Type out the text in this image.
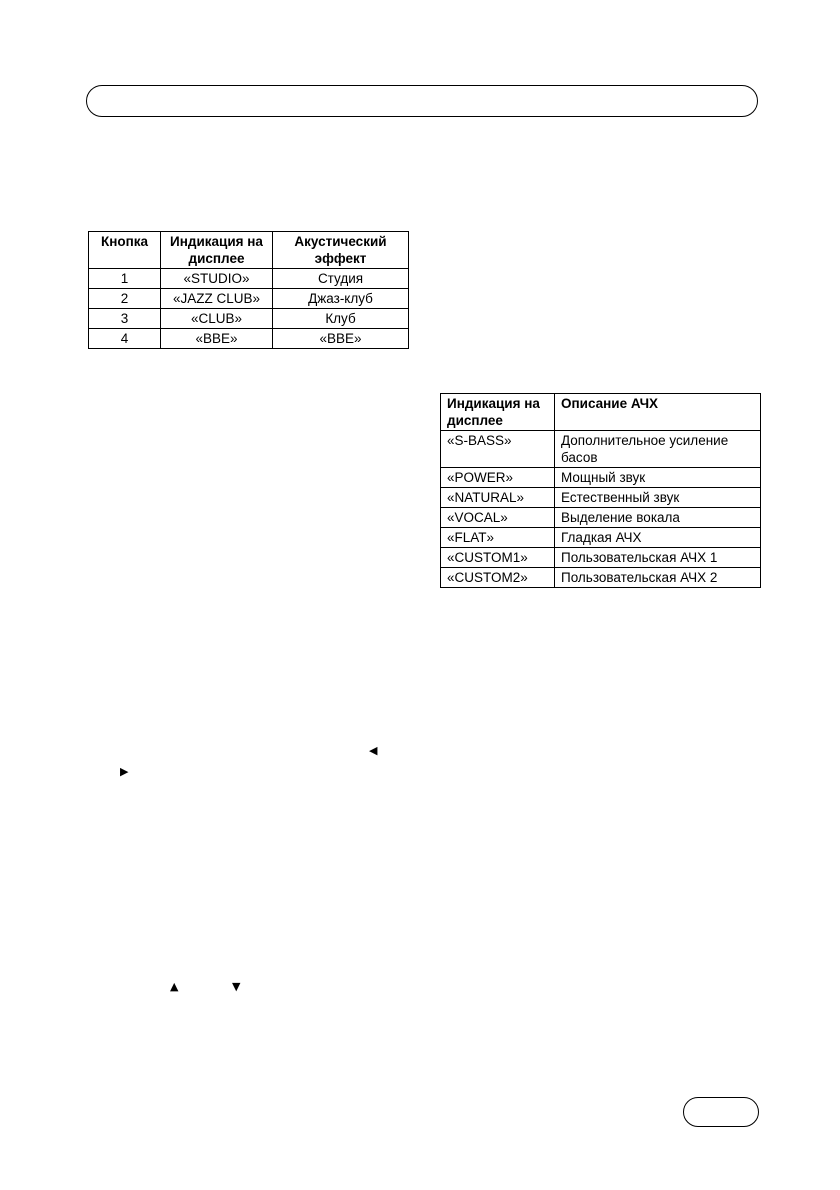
Кнопка	Индикация на дисплее	Акустический эффект
1	«STUDIO»	Студия
2	«JAZZ CLUB»	Джаз-клуб
3	«CLUB»	Клуб
4	«BBE»	«BBE»
Индикация на дисплее	Описание АЧХ
«S-BASS»	Дополнительное усиление басов
«POWER»	Мощный звук
«NATURAL»	Естественный звук
«VOCAL»	Выделение вокала
«FLAT»	Гладкая АЧХ
«CUSTOM1»	Пользовательская АЧХ 1
«CUSTOM2»	Пользовательская АЧХ 2
◀
▶
▲	▼
